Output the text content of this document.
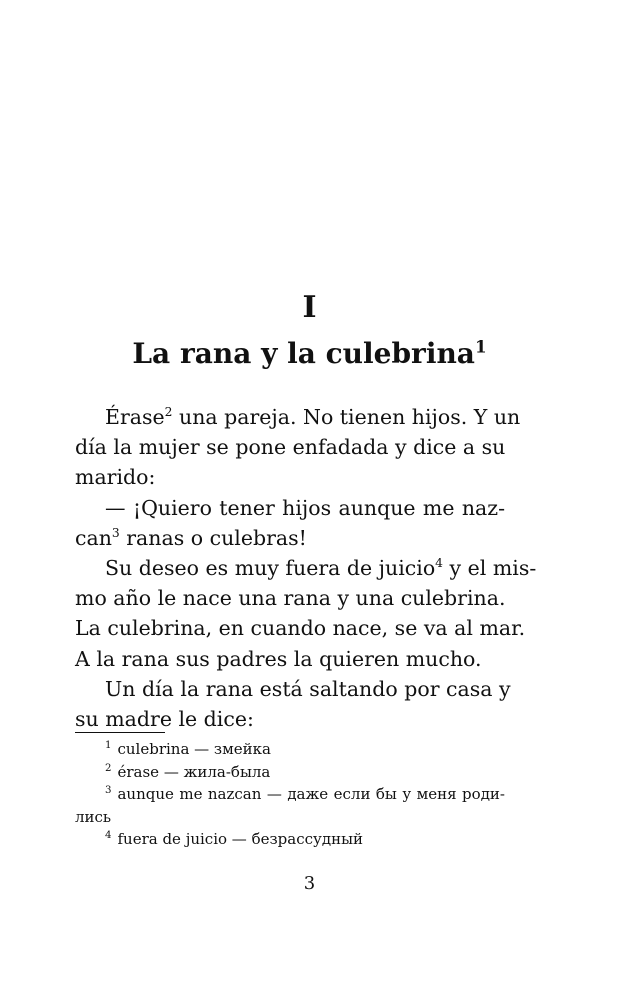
I
La rana y la culebrina$^1$
Érase$^2$ una pareja. No tienen hijos. Y un
día la mujer se pone enfadada y dice a su
marido:
— ¡Quiero tener hijos aunque me naz-
can$^3$ ranas o culebras!
Su deseo es muy fuera de juicio$^4$ y el mis-
mo año le nace una rana y una culebrina.
La culebrina, en cuando nace, se va al mar.
A la rana sus padres la quieren mucho.
Un día la rana está saltando por casa y
su madre le dice:
$^1$ culebrina — змейка
$^2$ érase — жила-была
$^3$ aunque me nazcan — даже если бы у меня роди-
лись
$^4$ fuera de juicio — безрассудный
3
